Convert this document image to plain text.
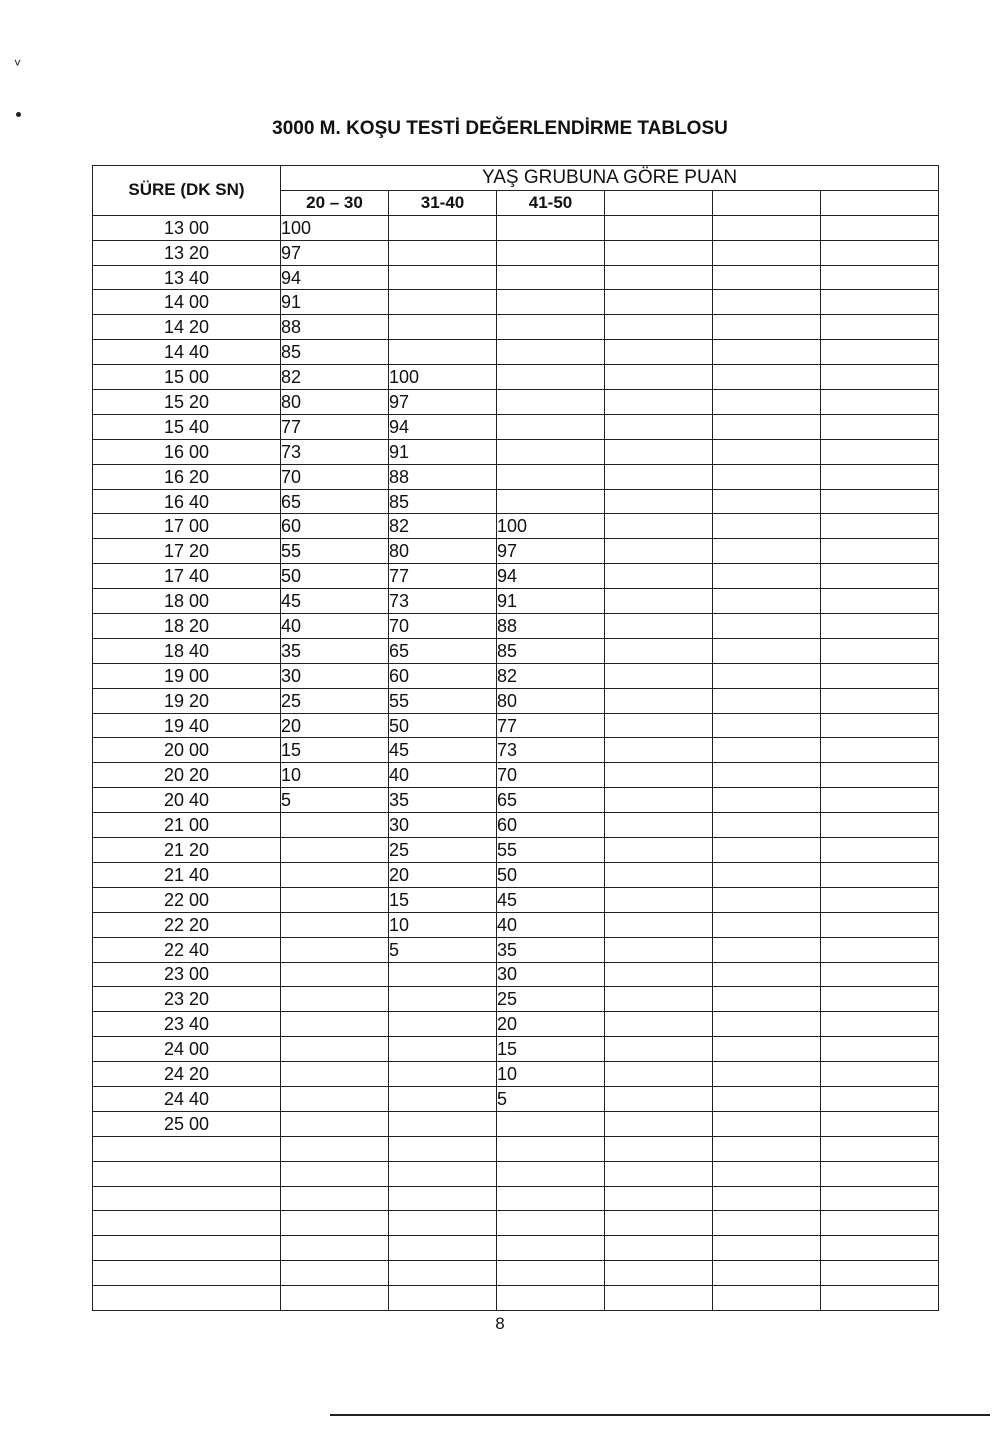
˅
3000 M. KOŞU TESTİ DEĞERLENDİRME TABLOSU
SÜRE (DK SN)	YAŞ GRUBUNA GÖRE PUAN					
	20 – 30	31-40	41-50			
13 00	100					
13 20	97					
13 40	94					
14 00	91					
14 20	88					
14 40	85					
15 00	82	100				
15 20	80	97				
15 40	77	94				
16 00	73	91				
16 20	70	88				
16 40	65	85				
17 00	60	82	100			
17 20	55	80	97			
17 40	50	77	94			
18 00	45	73	91			
18 20	40	70	88			
18 40	35	65	85			
19 00	30	60	82			
19 20	25	55	80			
19 40	20	50	77			
20 00	15	45	73			
20 20	10	40	70			
20 40	5	35	65			
21 00		30	60			
21 20		25	55			
21 40		20	50			
22 00		15	45			
22 20		10	40			
22 40		5	35			
23 00			30			
23 20			25			
23 40			20			
24 00			15			
24 20			10			
24 40			5			
25 00						

8
